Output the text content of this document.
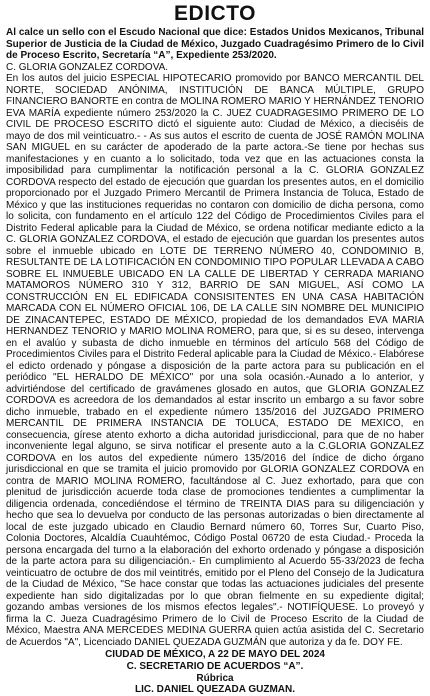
EDICTO

Al calce un sello con el Escudo Nacional que dice: Estados Unidos Mexicanos, Tribunal Superior de Justicia de la Ciudad de México, Juzgado Cuadragésimo Primero de lo Civil de Proceso Escrito, Secretaría “A”, Expediente 253/2020.

C. GLORIA GONZALEZ CORDOVA.

En los autos del juicio ESPECIAL HIPOTECARIO promovido por BANCO MERCANTIL DEL NORTE, SOCIEDAD ANÓNIMA, INSTITUCIÓN DE BANCA MÚLTIPLE, GRUPO FINANCIERO BANORTE en contra de MOLINA ROMERO MARIO Y HERNÁNDEZ TENORIO EVA MARÍA expediente número 253/2020 la C. JUEZ CUADRAGESIMO PRIMERO DE LO CIVIL DE PROCESO ESCRITO dictó el siguiente auto: Ciudad de México, a dieciséis de mayo de dos mil veinticuatro.- - As sus autos el escrito de cuenta de JOSÉ RAMÓN MOLINA SAN MIGUEL en su carácter de apoderado de la parte actora.-Se tiene por hechas sus manifestaciones y en cuanto a lo solicitado, toda vez que en las actuaciones consta la imposibilidad para cumplimentar la notificación personal a la C. GLORIA GONZALEZ CORDOVA respecto del estado de ejecución que guardan los presentes autos, en el domicilio proporcionado por el Juzgado Primero Mercantil de Primera Instancia de Toluca, Estado de México y que las instituciones requeridas no contaron con domicilio de dicha persona, como lo solicita, con fundamento en el artículo 122 del Código de Procedimientos Civiles para el Distrito Federal aplicable para la Ciudad de México, se ordena notificar mediante edicto a la C. GLORIA GONZALEZ CORDOVA, el estado de ejecución que guardan los presentes autos sobre el inmueble ubicado en LOTE DE TERRENO NÚMERO 40, CONDOMINIO B, RESULTANTE DE LA LOTIFICACIÓN EN CONDOMINIO TIPO POPULAR LLEVADA A CABO SOBRE EL INMUEBLE UBICADO EN LA CALLE DE LIBERTAD Y CERRADA MARIANO MATAMOROS NÚMERO 310 Y 312, BARRIO DE SAN MIGUEL, ASÍ COMO LA CONSTRUCCIÓN EN EL EDIFICADA CONSISITENTES EN UNA CASA HABITACIÓN MARCADA CON EL NÚMERO OFICIAL 106, DE LA CALLE SIN NOMBRE DEL MUNICIPIO DE ZINACANTEPEC, ESTADO DE MÉXICO, propiedad de los demandados EVA MARIA HERNANDEZ TENORIO y MARIO MOLINA ROMERO, para que, si es su deseo, intervenga en el avalúo y subasta de dicho inmueble en términos del artículo 568 del Código de Procedimientos Civiles para el Distrito Federal aplicable para la Ciudad de México.- Elabórese el edicto ordenado y póngase a disposición de la parte actora para su publicación en el periódico "EL HERALDO DE MÉXICO" por una sola ocasión.-Aunado a lo anterior, y advirtiéndose del certificado de gravámenes glosado en autos, que GLORIA GONZALEZ CORDOVA es acreedora de los demandados al estar inscrito un embargo a su favor sobre dicho inmueble, trabado en el expediente número 135/2016 del JUZGADO PRIMERO MERCANTIL DE PRIMERA INSTANCIA DE TOLUCA, ESTADO DE MEXICO, en consecuencia, gírese atento exhorto a dicha autoridad jurisdiccional, para que de no haber inconveniente legal alguno, se sirva notificar el presente auto a la C.GLORIA GONZALEZ CORDOVA en los autos del expediente número 135/2016 del índice de dicho órgano jurisdiccional en que se tramita el juicio promovido por GLORIA GONZALEZ CORDOVA en contra de MARIO MOLINA ROMERO, facultándose al C. Juez exhortado, para que con plenitud de jurisdicción acuerde toda clase de promociones tendientes a cumplimentar la diligencia ordenada, concediéndose el término de TREINTA DIAS para su diligenciación y hecho que sea lo devuelva por conducto de las personas autorizadas o bien directamente al local de este juzgado ubicado en Claudio Bernard número 60, Torres Sur, Cuarto Piso, Colonia Doctores, Alcaldía Cuauhtémoc, Código Postal 06720 de esta Ciudad.- Proceda la persona encargada del turno a la elaboración del exhorto ordenado y póngase a disposición de la parte actora para su diligenciación.- En cumplimiento al Acuerdo 55-33/2023 de fecha veinticuatro de octubre de dos mil veintitrés, emitido por el Pleno del Consejo de la Judicatura de la Ciudad de México, "Se hace constar que todas las actuaciones judiciales del presente expediente han sido digitalizadas por lo que obran fielmente en su expediente digital; gozando ambas versiones de los mismos efectos legales".- NOTIFÍQUESE. Lo proveyó y firma la C. Jueza Cuadragésimo Primero de lo Civil de Proceso Escrito de la Ciudad de México, Maestra ANA MERCEDES MEDINA GUERRA quien actúa asistida del C. Secretario de Acuerdos "A", Licenciado DANIEL QUEZADA GUZMÁN que autoriza y da fe. DOY FE.

CIUDAD DE MÉXICO, A 22 DE MAYO DEL 2024
C. SECRETARIO DE ACUERDOS “A”.
Rúbrica
LIC. DANIEL QUEZADA GUZMAN.
